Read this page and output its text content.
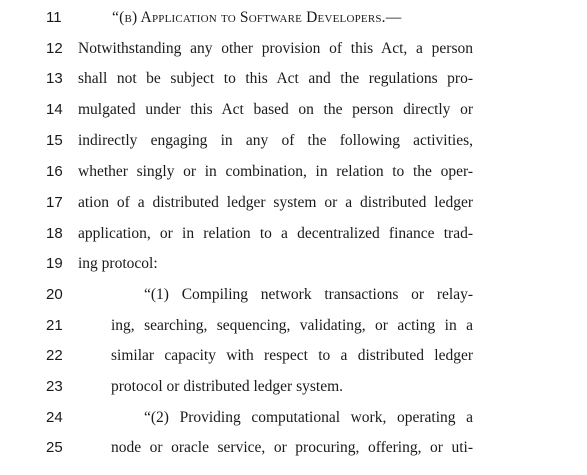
11	“(b) Application to Software Developers.—
12 Notwithstanding any other provision of this Act, a person
13 shall not be subject to this Act and the regulations pro-
14 mulgated under this Act based on the person directly or
15 indirectly engaging in any of the following activities,
16 whether singly or in combination, in relation to the oper-
17 ation of a distributed ledger system or a distributed ledger
18 application, or in relation to a decentralized finance trad-
19 ing protocol:
20	“(1) Compiling network transactions or relay-
21	ing, searching, sequencing, validating, or acting in a
22	similar capacity with respect to a distributed ledger
23	protocol or distributed ledger system.
24	“(2) Providing computational work, operating a
25	node or oracle service, or procuring, offering, or uti-
